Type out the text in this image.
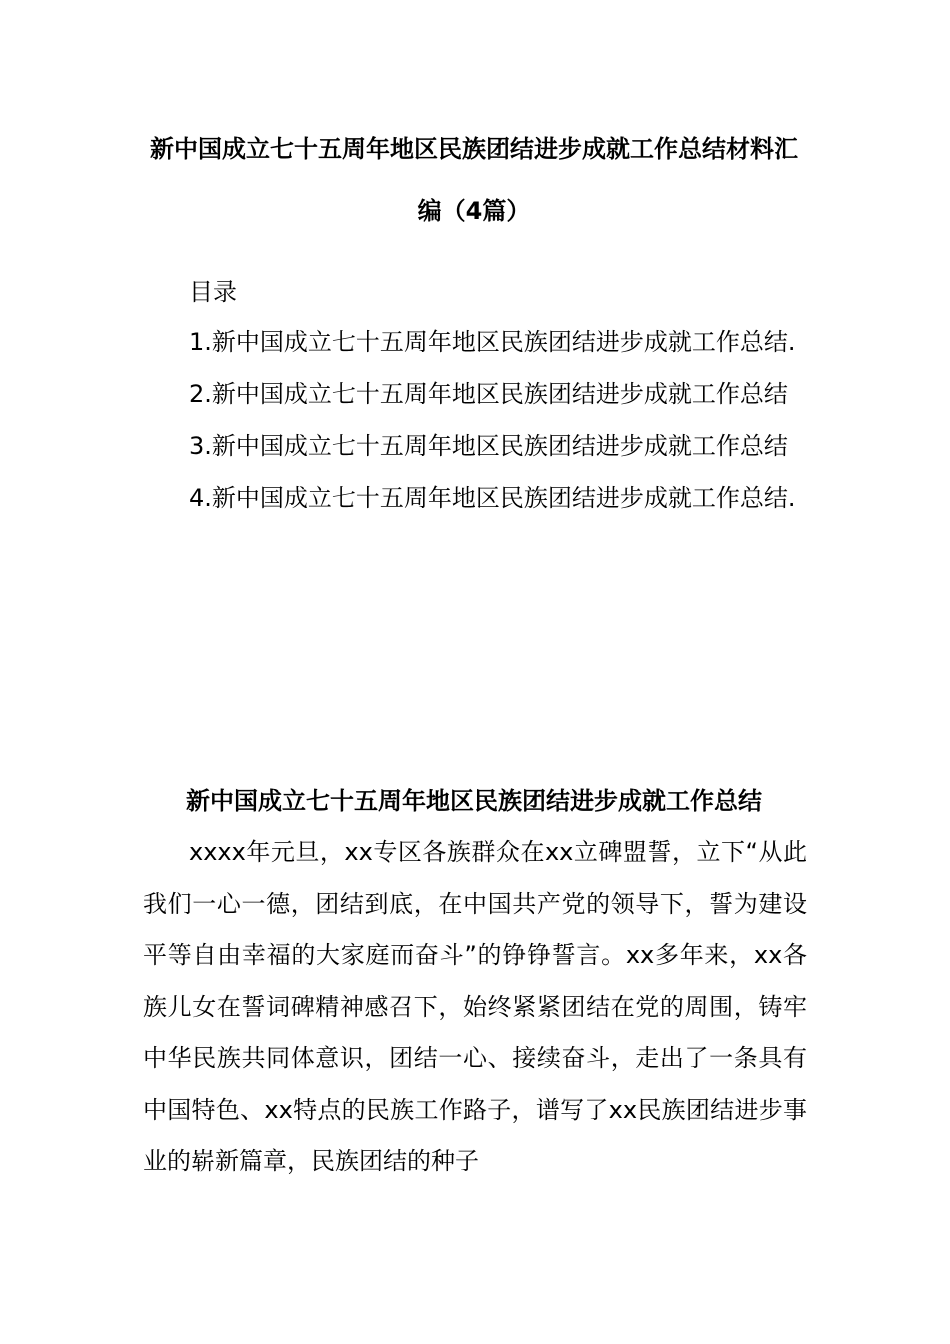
新中国成立七十五周年地区民族团结进步成就工作总结材料汇编（4篇）

目录

1.新中国成立七十五周年地区民族团结进步成就工作总结.
2.新中国成立七十五周年地区民族团结进步成就工作总结
3.新中国成立七十五周年地区民族团结进步成就工作总结
4.新中国成立七十五周年地区民族团结进步成就工作总结.
新中国成立七十五周年地区民族团结进步成就工作总结

xxxx年元旦，xx专区各族群众在xx立碑盟誓，立下“从此我们一心一德，团结到底，在中国共产党的领导下，誓为建设平等自由幸福的大家庭而奋斗”的铮铮誓言。xx多年来，xx各族儿女在誓词碑精神感召下，始终紧紧团结在党的周围，铸牢中华民族共同体意识，团结一心、接续奋斗，走出了一条具有中国特色、xx特点的民族工作路子，谱写了xx民族团结进步事业的崭新篇章，民族团结的种子
